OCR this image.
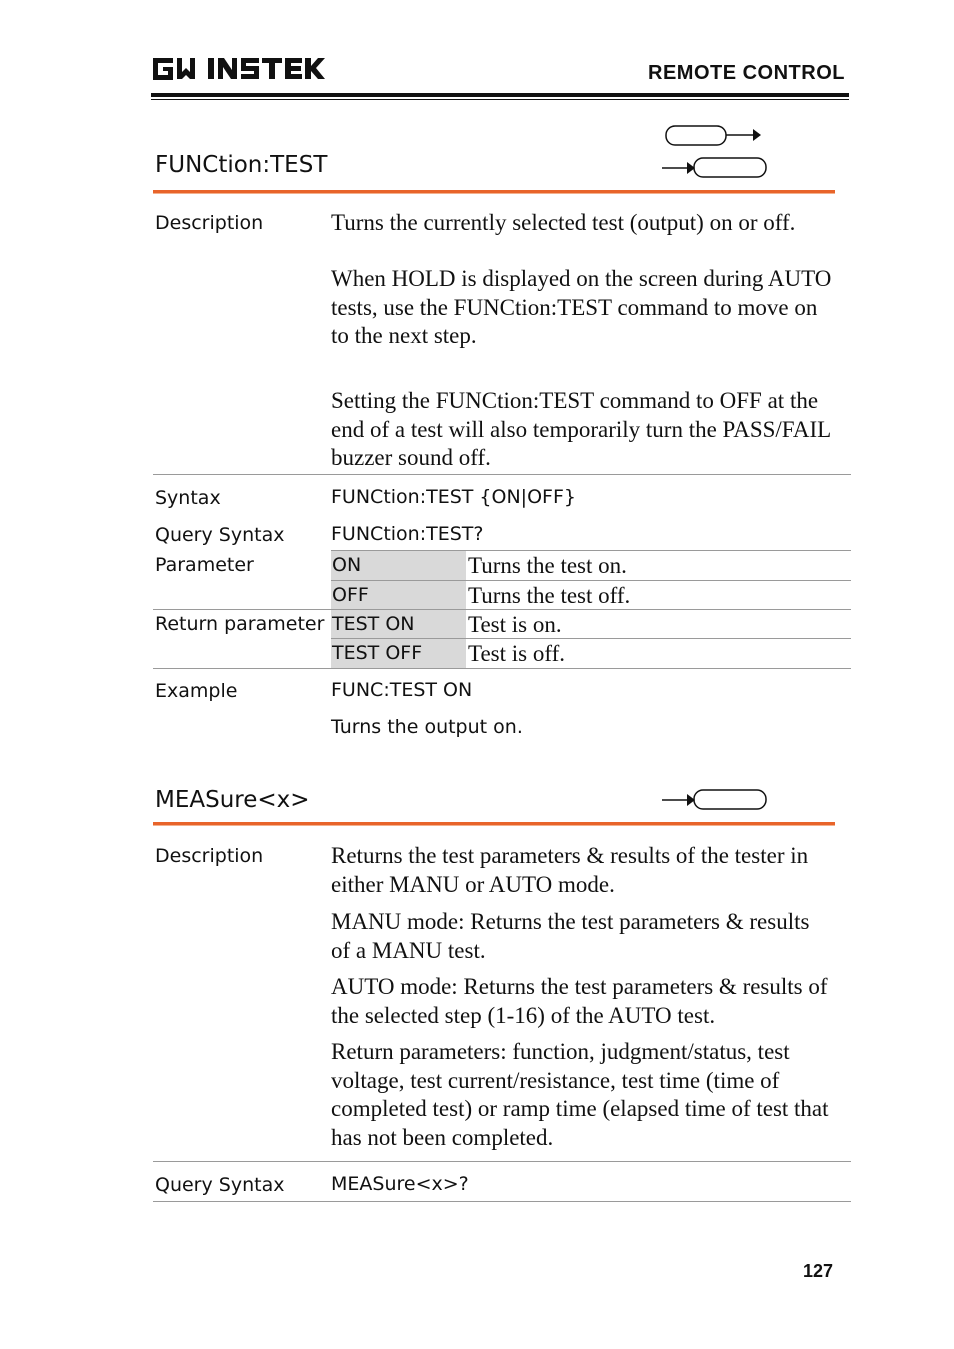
REMOTE CONTROL
FUNCtion:TEST
Description	Turns the currently selected test (output) on or off.
When HOLD is displayed on the screen during AUTO tests, use the FUNCtion:TEST command to move on to the next step.
Setting the FUNCtion:TEST command to OFF at the end of a test will also temporarily turn the PASS/FAIL buzzer sound off.
Syntax	FUNCtion:TEST {ON|OFF}
Query Syntax FUNCtion:TEST?
Parameter	ON	Turns the test on.
OFF	Turns the test off.
Return parameter TEST ON	Test is on.
TEST OFF	Test is off.
Example	FUNC:TEST ON
Turns the output on.
MEASure<x>
Description	Returns the test parameters & results of the tester in either MANU or AUTO mode.
MANU mode: Returns the test parameters & results of a MANU test.
AUTO mode: Returns the test parameters & results of the selected step (1-16) of the AUTO test.
Return parameters: function, judgment/status, test voltage, test current/resistance, test time (time of completed test) or ramp time (elapsed time of test that has not been completed.
Query Syntax MEASure<x>?
127
